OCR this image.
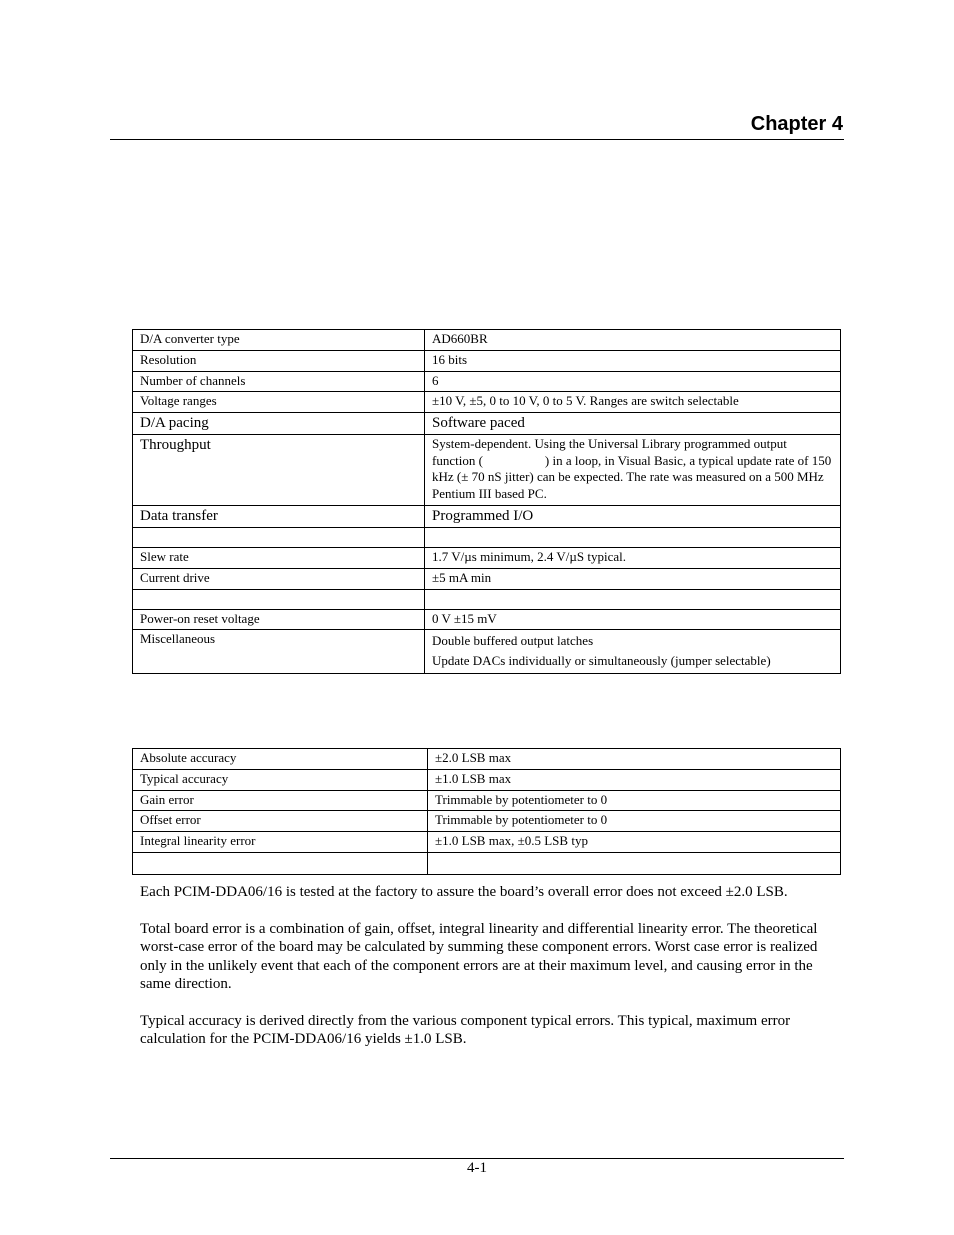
Chapter 4
D/A converter type	AD660BR
Resolution	16 bits
Number of channels	6
Voltage ranges	±10 V, ±5, 0 to 10 V, 0 to 5 V. Ranges are switch selectable
D/A pacing	Software paced
Throughput	System-dependent. Using the Universal Library programmed output function ( ) in a loop, in Visual Basic, a typical update rate of 150 kHz (± 70 nS jitter) can be expected. The rate was measured on a 500 MHz Pentium III based PC.
Data transfer	Programmed I/O

Slew rate	1.7 V/µs minimum, 2.4 V/µS typical.
Current drive	±5 mA min

Power-on reset voltage	0 V ±15 mV
Miscellaneous	Double buffered output latches
Update DACs individually or simultaneously (jumper selectable)
Absolute accuracy	±2.0 LSB max
Typical accuracy	±1.0 LSB max
Gain error	Trimmable by potentiometer to 0
Offset error	Trimmable by potentiometer to 0
Integral linearity error	±1.0 LSB max, ±0.5 LSB typ

Each PCIM-DDA06/16 is tested at the factory to assure the board’s overall error does not exceed ±2.0 LSB.

Total board error is a combination of gain, offset, integral linearity and differential linearity error. The theoretical worst-case error of the board may be calculated by summing these component errors. Worst case error is realized only in the unlikely event that each of the component errors are at their maximum level, and causing error in the same direction.

Typical accuracy is derived directly from the various component typical errors. This typical, maximum error calculation for the PCIM-DDA06/16 yields ±1.0 LSB.

4-1
